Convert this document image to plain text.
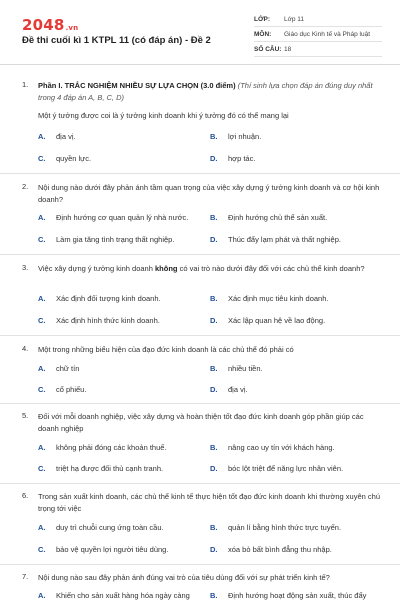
2048.vn
Đề thi cuối kì 1 KTPL 11 (có đáp án) - Đề 2
LỚP:	Lớp 11
MÔN:	Giáo dục Kinh tế và Pháp luật
SỐ CÂU: 18
1. Phần I. TRẮC NGHIỆM NHIỀU SỰ LỰA CHỌN (3.0 điểm) (Thí sinh lựa chọn đáp án đúng duy nhất trong 4 đáp án A, B, C, D)
Một ý tưởng được coi là ý tưởng kinh doanh khi ý tưởng đó có thể mang lại
A. địa vị.	B. lợi nhuận.
C. quyền lực.	D. hợp tác.
2. Nội dung nào dưới đây phản ánh tầm quan trọng của việc xây dựng ý tưởng kinh doanh và cơ hội kinh doanh?
A. Định hướng cơ quan quản lý nhà nước.	B. Định hướng chủ thể sản xuất.
C. Làm gia tăng tình trạng thất nghiệp.	D. Thúc đẩy lạm phát và thất nghiệp.
3. Việc xây dựng ý tưởng kinh doanh không có vai trò nào dưới đây đối với các chủ thể kinh doanh?
A. Xác định đối tượng kinh doanh.	B. Xác định mục tiêu kinh doanh.
C. Xác định hình thức kinh doanh.	D. Xác lập quan hệ về lao động.
4. Một trong những biểu hiện của đạo đức kinh doanh là các chủ thể đó phải có
A. chữ tín	B. nhiều tiền.
C. cổ phiếu.	D. địa vị.
5. Đối với mỗi doanh nghiệp, việc xây dựng và hoàn thiện tốt đạo đức kinh doanh góp phần giúp các doanh nghiệp
A. không phải đóng các khoản thuế.	B. nâng cao uy tín với khách hàng.
C. triệt hạ được đối thủ cạnh tranh.	D. bóc lột triệt để năng lực nhân viên.
6. Trong sản xuất kinh doanh, các chủ thể kinh tế thực hiện tốt đạo đức kinh doanh khi thường xuyên chú trọng tới việc
A. duy trì chuỗi cung ứng toàn cầu.	B. quản lí bằng hình thức trực tuyến.
C. bảo vệ quyền lợi người tiêu dùng.	D. xóa bỏ bất bình đẳng thu nhập.
7. Nội dung nào sau đây phản ánh đúng vai trò của tiêu dùng đối với sự phát triển kinh tế?
A. Khiến cho sản xuất hàng hóa ngày càng	B. Định hướng hoạt động sản xuất, thúc đẩy
